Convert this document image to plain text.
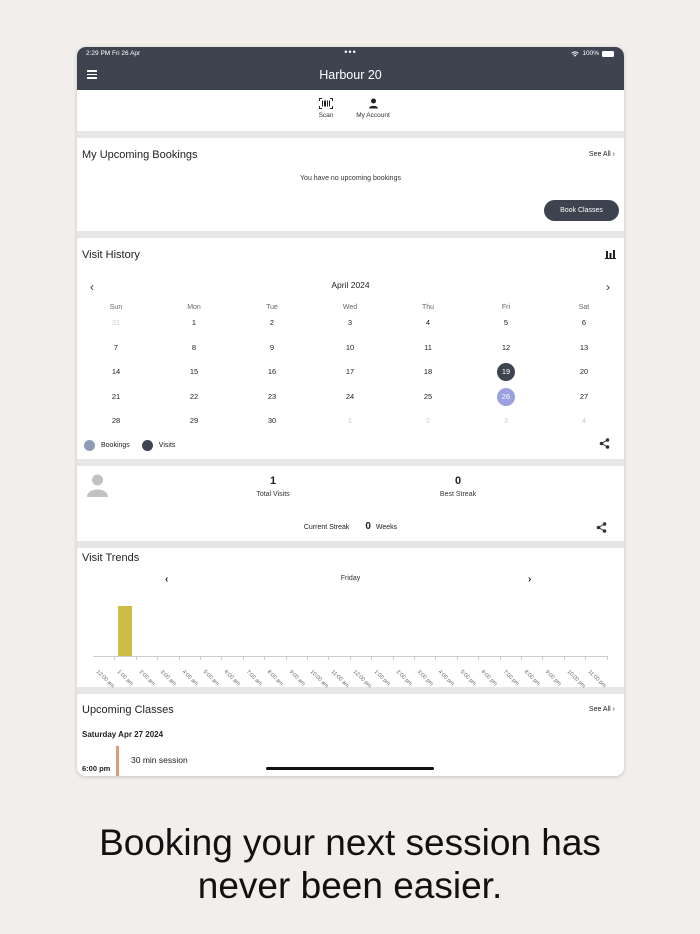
2:29 PM Fri 26 Apr	•••	100%
Harbour 20
Scan	My Account
My Upcoming Bookings	See All ›
You have no upcoming bookings
Book Classes
Visit History
‹	April 2024	›
Sun	Mon	Tue	Wed	Thu	Fri	Sat
31	1	2	3	4	5	6
7	8	9	10	11	12	13
14	15	16	17	18	19	20
21	22	23	24	25	26	27
28	29	30	1	2	3	4
Bookings	Visits
1
Total Visits
0
Best Streak
Current Streak 0 Weeks
Visit Trends
‹	Friday	›
12:00 am 1:00 am 2:00 am 3:00 am 4:00 am 5:00 am 6:00 am 7:00 am 8:00 am 9:00 am 10:00 am 11:00 am 12:00 pm 1:00 pm 2:00 pm 3:00 pm 4:00 pm 5:00 pm 6:00 pm 7:00 pm 8:00 pm 9:00 pm 10:00 pm 11:00 pm
Upcoming Classes	See All ›
Saturday Apr 27 2024
6:00 pm
30 min session
Booking your next session has
never been easier.
